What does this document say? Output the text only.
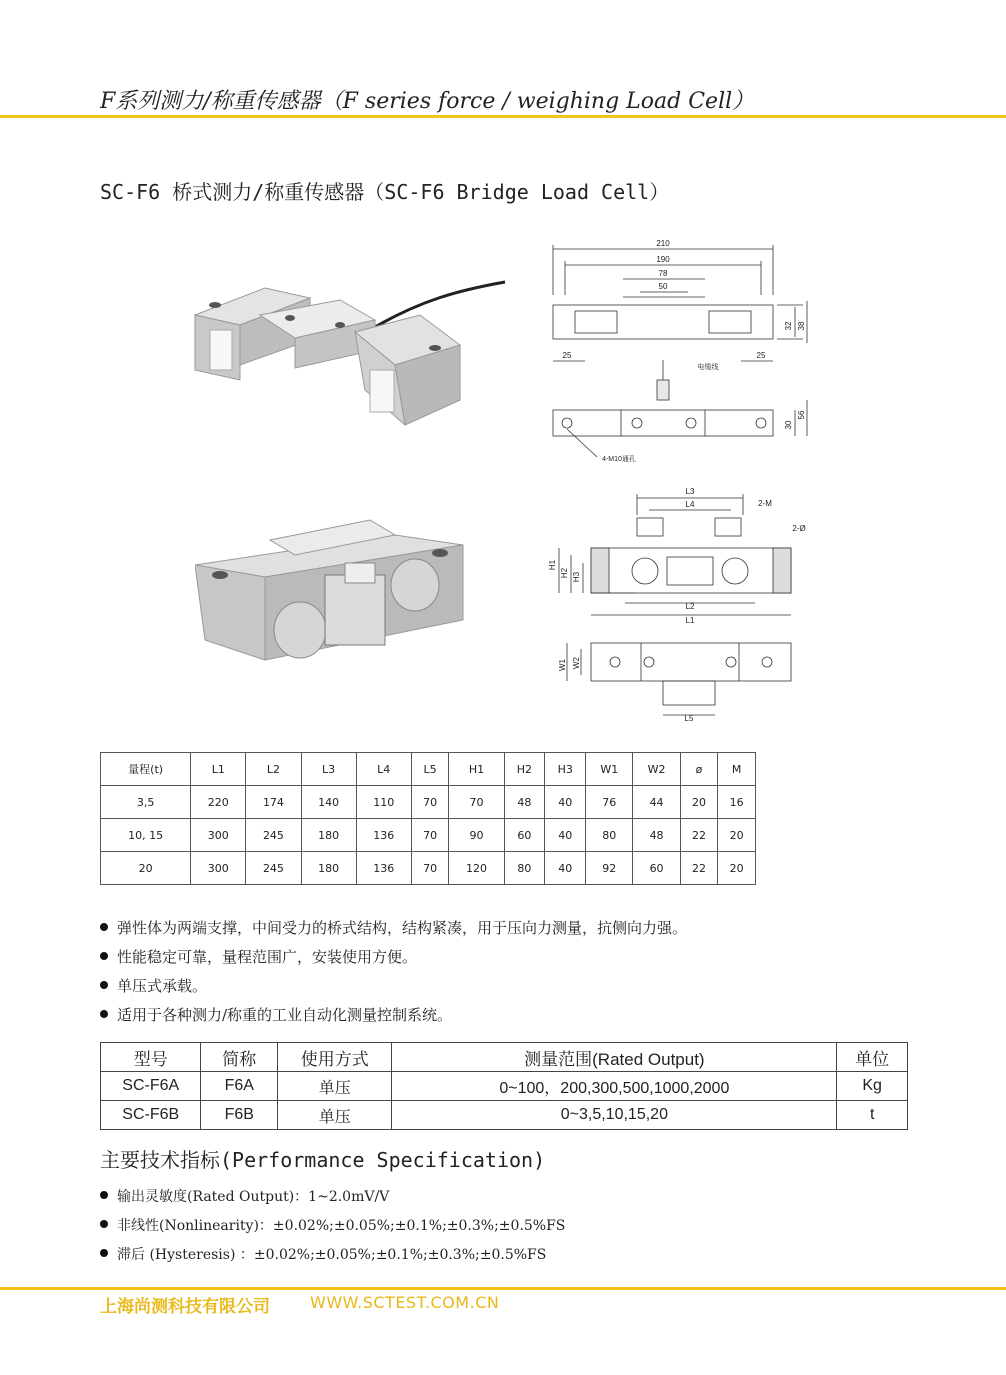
F系列测力/称重传感器（F series force / weighing Load Cell）
SC-F6 桥式测力/称重传感器（SC-F6 Bridge Load Cell）
210
190
78
50
25	25
32 38
30
56
电缆线
4-M10通孔
L3
L4	2-M
2-Ø
H1
H2 H3
L2
L1
W1 W2
L5
量程(t)	L1	L2	L3	L4	L5	H1	H2	H3	W1	W2	ø	M
3,5	220	174	140	110	70	70	48	40	76	44	20	16
10, 15	300	245	180	136	70	90	60	40	80	48	22	20
20	300	245	180	136	70	120	80	40	92	60	22	20
弹性体为两端支撑，中间受力的桥式结构，结构紧凑，用于压向力测量，抗侧向力强。
性能稳定可靠，量程范围广，安装使用方便。
单压式承载。
适用于各种测力/称重的工业自动化测量控制系统。
型号	简称	使用方式	测量范围(Rated Output)	单位
SC-F6A	F6A	单压	0~100，200,300,500,1000,2000	Kg
SC-F6B	F6B	单压	0~3,5,10,15,20	t
主要技术指标(Performance Specification)
输出灵敏度(Rated Output)：1~2.0mV/V
非线性(Nonlinearity)：±0.02%;±0.05%;±0.1%;±0.3%;±0.5%FS
滞后 (Hysteresis) ：±0.02%;±0.05%;±0.1%;±0.3%;±0.5%FS
上海尚测科技有限公司	WWW.SCTEST.COM.CN
